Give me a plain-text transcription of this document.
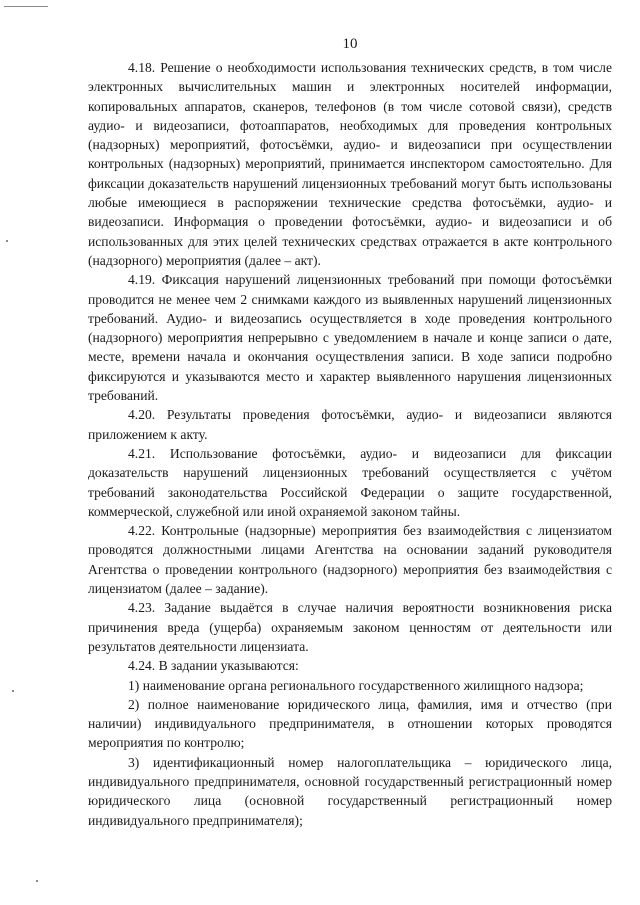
10

4.18. Решение о необходимости использования технических средств, в том числе электронных вычислительных машин и электронных носителей информации, копировальных аппаратов, сканеров, телефонов (в том числе сотовой связи), средств аудио- и видеозаписи, фотоаппаратов, необходимых для проведения контрольных (надзорных) мероприятий, фотосъёмки, аудио- и видеозаписи при осуществлении контрольных (надзорных) мероприятий, принимается инспектором самостоятельно. Для фиксации доказательств нарушений лицензионных требований могут быть использованы любые имеющиеся в распоряжении технические средства фотосъёмки, аудио- и видеозаписи. Информация о проведении фотосъёмки, аудио- и видеозаписи и об использованных для этих целей технических средствах отражается в акте контрольного (надзорного) мероприятия (далее – акт).

4.19. Фиксация нарушений лицензионных требований при помощи фотосъёмки проводится не менее чем 2 снимками каждого из выявленных нарушений лицензионных требований. Аудио- и видеозапись осуществляется в ходе проведения контрольного (надзорного) мероприятия непрерывно с уведомлением в начале и конце записи о дате, месте, времени начала и окончания осуществления записи. В ходе записи подробно фиксируются и указываются место и характер выявленного нарушения лицензионных требований.

4.20. Результаты проведения фотосъёмки, аудио- и видеозаписи являются приложением к акту.

4.21. Использование фотосъёмки, аудио- и видеозаписи для фиксации доказательств нарушений лицензионных требований осуществляется с учётом требований законодательства Российской Федерации о защите государственной, коммерческой, служебной или иной охраняемой законом тайны.

4.22. Контрольные (надзорные) мероприятия без взаимодействия с лицензиатом проводятся должностными лицами Агентства на основании заданий руководителя Агентства о проведении контрольного (надзорного) мероприятия без взаимодействия с лицензиатом (далее – задание).

4.23. Задание выдаётся в случае наличия вероятности возникновения риска причинения вреда (ущерба) охраняемым законом ценностям от деятельности или результатов деятельности лицензиата.

4.24. В задании указываются:

1) наименование органа регионального государственного жилищного надзора;

2) полное наименование юридического лица, фамилия, имя и отчество (при наличии) индивидуального предпринимателя, в отношении которых проводятся мероприятия по контролю;

3) идентификационный номер налогоплательщика – юридического лица, индивидуального предпринимателя, основной государственный регистрационный номер юридического лица (основной государственный регистрационный номер индивидуального предпринимателя);
